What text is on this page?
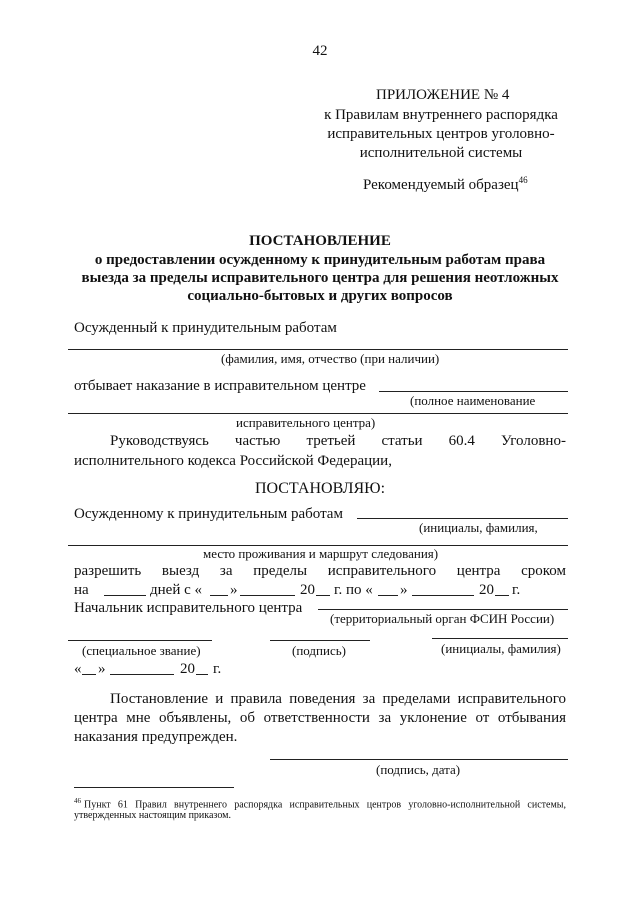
42
ПРИЛОЖЕНИЕ № 4
к Правилам внутреннего распорядка
исправительных центров уголовно-
исполнительной системы
Рекомендуемый образец$^{46}$
ПОСТАНОВЛЕНИЕ
о предоставлении осужденному к принудительным работам права
выезда за пределы исправительного центра для решения неотложных
социально-бытовых и других вопросов
Осужденный к принудительным работам
(фамилия, имя, отчество (при наличии)
отбывает наказание в исправительном центре
(полное наименование
исправительного центра)
Руководствуясь частью третьей статьи 60.4 Уголовно-
исполнительного кодекса Российской Федерации,
ПОСТАНОВЛЯЮ:
Осужденному к принудительным работам
(инициалы, фамилия,
место проживания и маршрут следования)
разрешить выезд за пределы исправительного центра сроком
на	дней с « »	20 г. по « »	20 г.
Начальник исправительного центра
(территориальный орган ФСИН России)
(специальное звание)	(подпись)	(инициалы, фамилия)
« »	20 г.
Постановление и правила поведения за пределами исправительного
центра мне объявлены, об ответственности за уклонение от отбывания
наказания предупрежден.
(подпись, дата)
$^{46}$ Пункт 61 Правил внутреннего распорядка исправительных центров уголовно-исполнительной системы,
утвержденных настоящим приказом.
